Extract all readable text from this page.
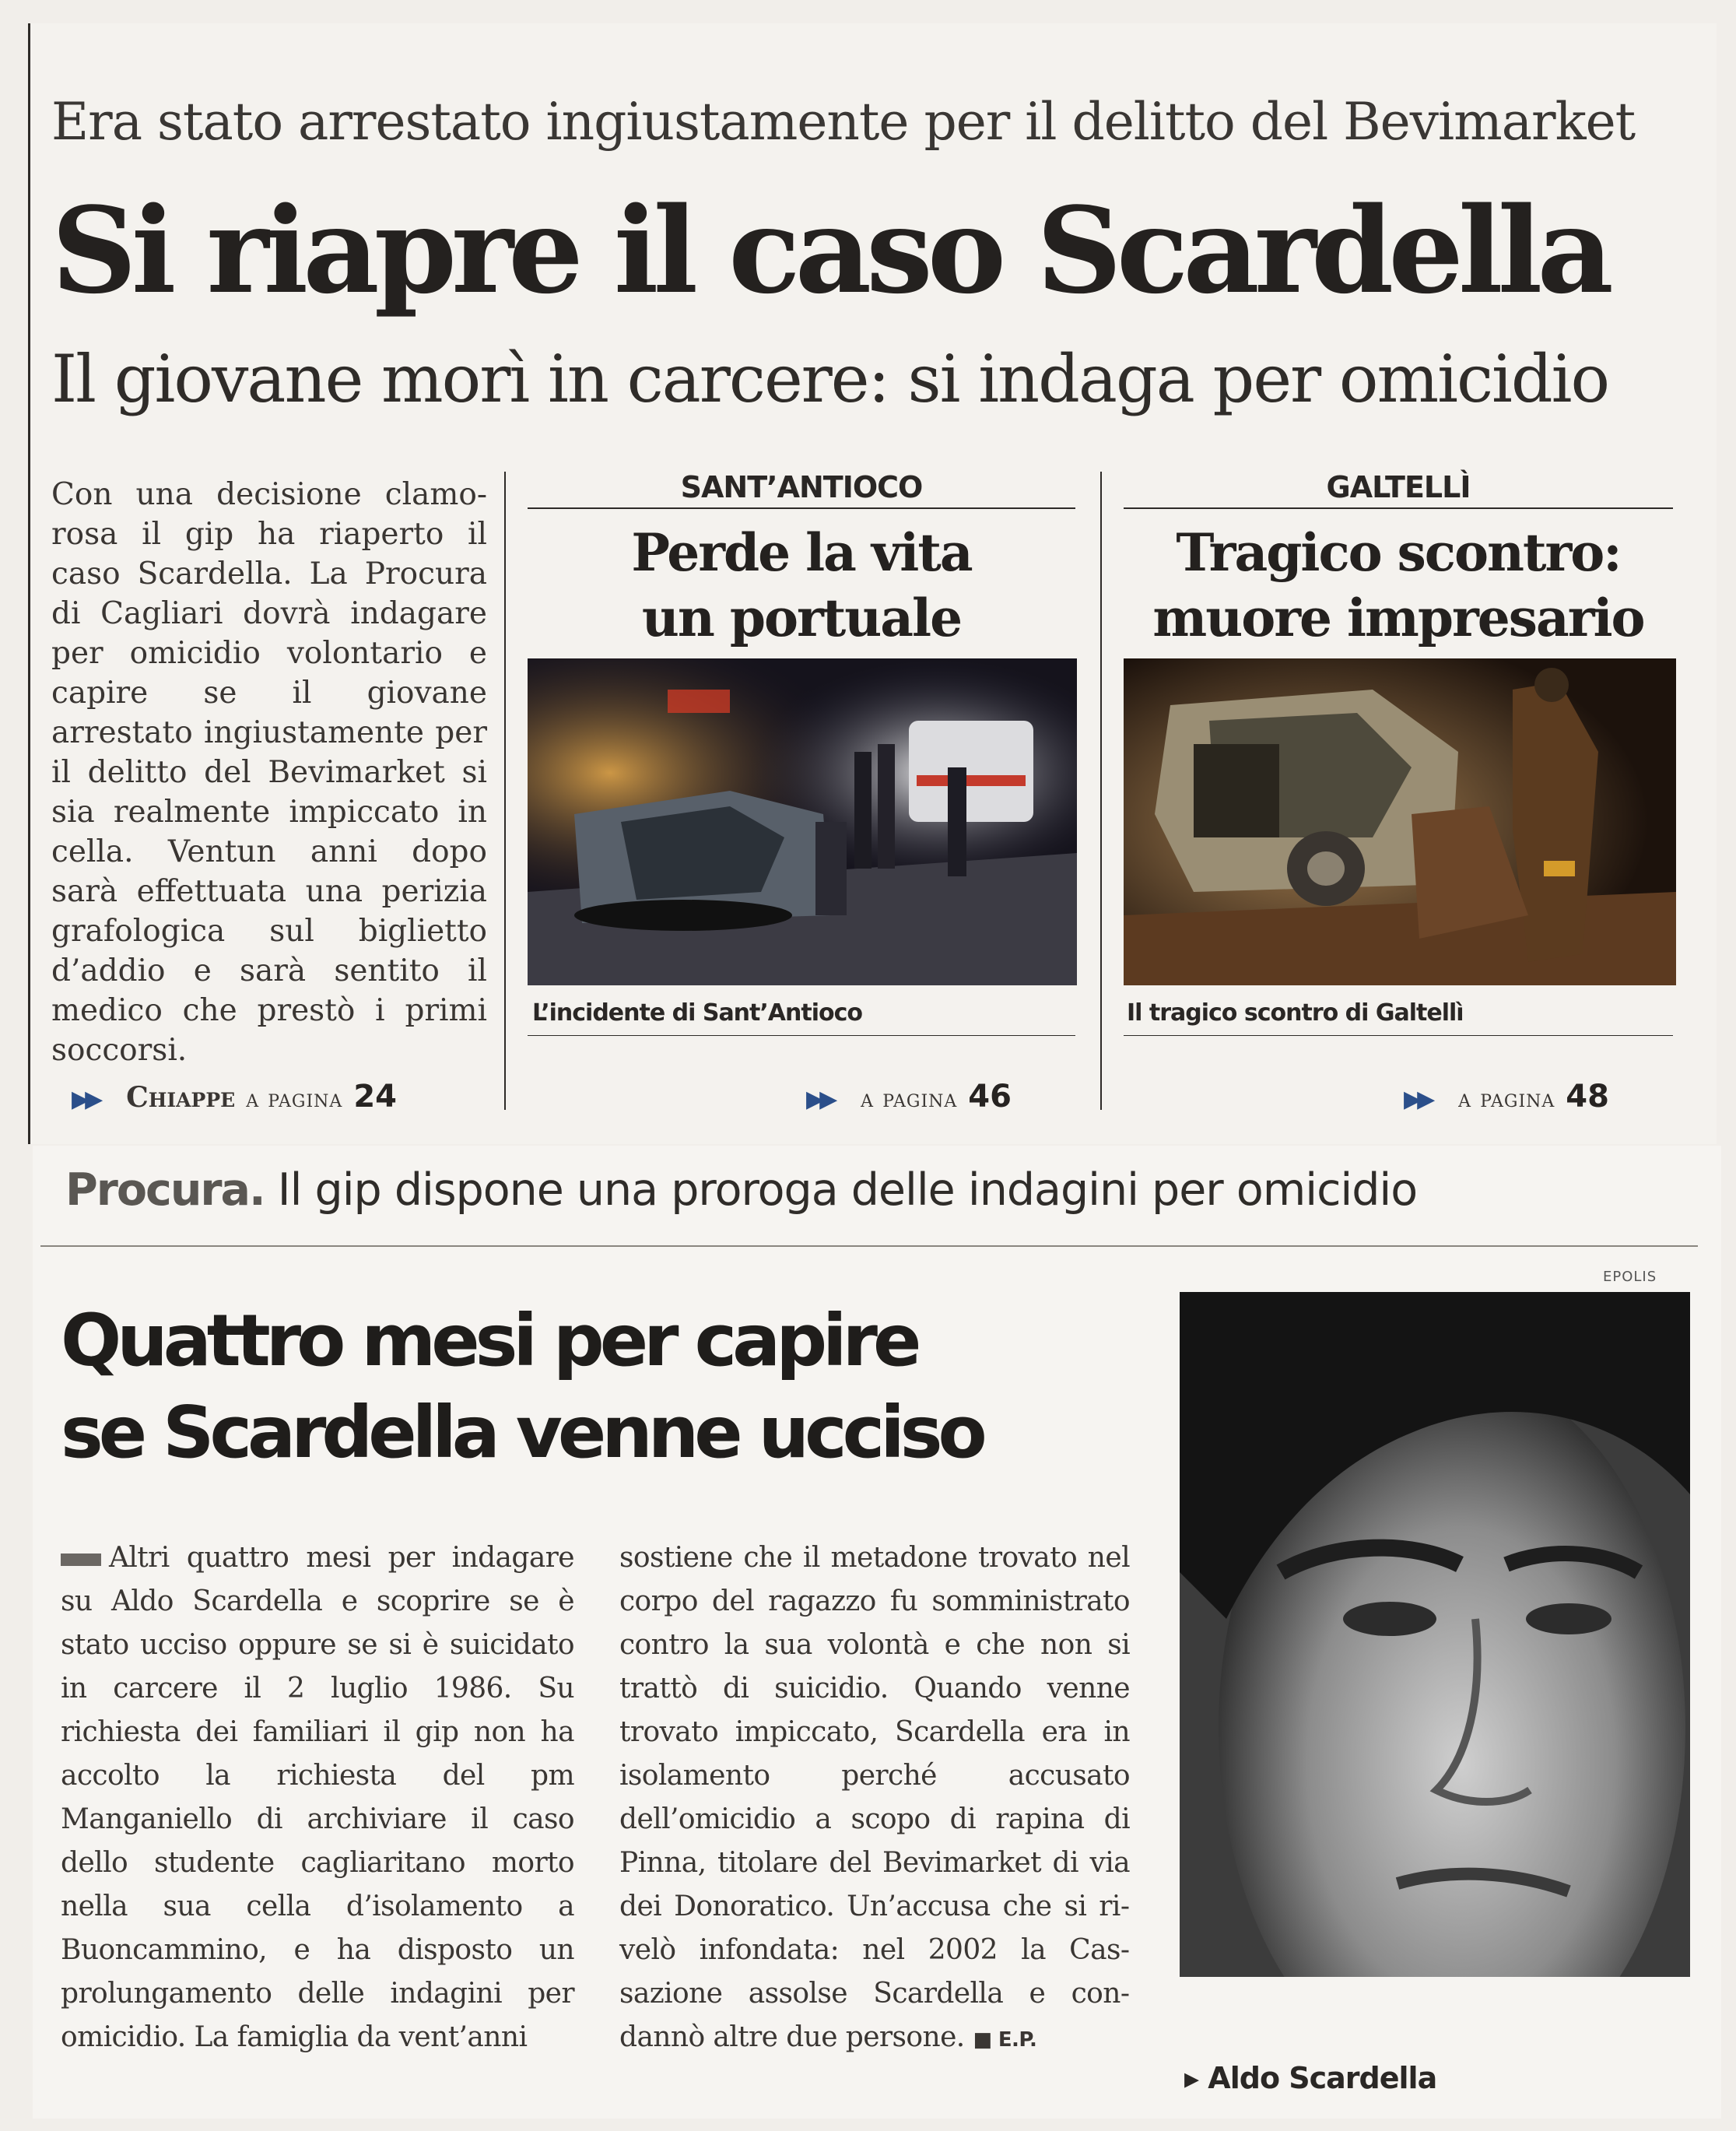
Era stato arrestato ingiustamente per il delitto del Bevimarket
Si riapre il caso Scardella
Il giovane morì in carcere: si indaga per omicidio
Con una decisione clamorosa il gip ha riaperto il caso Scardella. La Procura di Cagliari dovrà indagare per omicidio volontario e capire se il giovane arrestato ingiustamente per il delitto del Bevimarket si sia realmente impiccato in cella. Ventun anni dopo sarà effettuata una perizia grafologica sul biglietto d’addio e sarà sentito il medico che prestò i primi soccorsi.
▶▶ Chiappe a pagina 24
SANT’ANTIOCO
Perde la vita
un portuale
L’incidente di Sant’Antioco
▶▶ a pagina 46
GALTELLÌ
Tragico scontro:
muore impresario
Il tragico scontro di Galtellì
▶▶ a pagina 48
Procura. Il gip dispone una proroga delle indagini per omicidio
EPOLIS
Quattro mesi per capire
se Scardella venne ucciso
Altri quattro mesi per indagare su Aldo Scardella e scoprire se è stato ucciso oppure se si è suicidato in carcere il 2 luglio 1986. Su richiesta dei familiari il gip non ha accolto la richiesta del pm Manganiello di archiviare il caso dello studente cagliaritano morto nella sua cella d’isolamento a Buoncammino, e ha disposto un prolungamento delle indagini per omicidio. La famiglia da vent’anni
sostiene che il metadone trovato nel corpo del ragazzo fu somministrato contro la sua volontà e che non si trattò di suicidio. Quando venne trovato impiccato, Scardella era in isolamento perché accusato dell’omicidio a scopo di rapina di Pinna, titolare del Bevimarket di via dei Donoratico. Un’accusa che si rivelò infondata: nel 2002 la Cassazione assolse Scardella e condannò altre due persone. ■ E.P.
▸ Aldo Scardella
